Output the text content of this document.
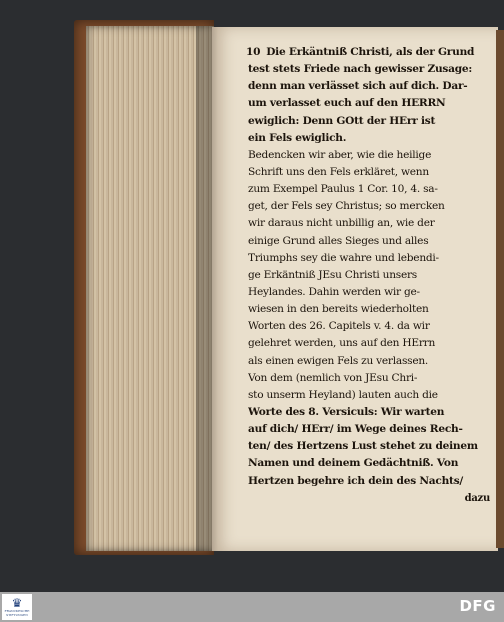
10 Die Erkäntniß Christi, als der Grund
test stets Friede nach gewisser Zusage:
denn man verlässet sich auf dich. Dar-
um verlasset euch auf den HERRN
ewiglich: Denn GOtt der HErr ist
ein Fels ewiglich.
Bedencken wir aber, wie die heilige
Schrift uns den Fels erkläret, wenn
zum Exempel Paulus 1 Cor. 10, 4. sa-
get, der Fels sey Christus; so mercken
wir daraus nicht unbillig an, wie der
einige Grund alles Sieges und alles
Triumphs sey die wahre und lebendi-
ge Erkäntniß JEsu Christi unsers
Heylandes. Dahin werden wir ge-
wiesen in den bereits wiederholten
Worten des 26. Capitels v. 4. da wir
gelehret werden, uns auf den HErrn
als einen ewigen Fels zu verlassen.
Von dem (nemlich von JEsu Chri-
sto unserm Heyland) lauten auch die
Worte des 8. Versiculs: Wir warten
auf dich/ HErr/ im Wege deines Rech-
ten/ des Hertzens Lust stehet zu deinem
Namen und deinem Gedächtniß. Von
Hertzen begehre ich dein des Nachts/
dazu
♛
FRANCKESCHE
STIFTUNGEN	DFG
